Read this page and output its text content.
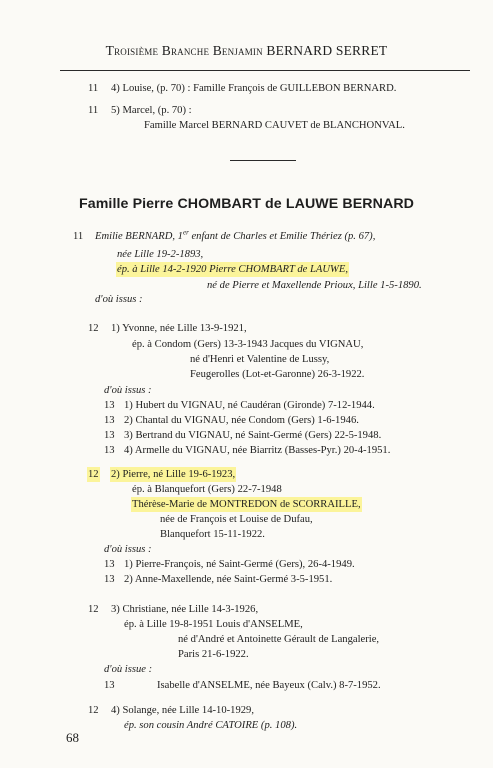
Troisième Branche Benjamin BERNARD SERRET
11 4) Louise, (p. 70) : Famille François de GUILLEBON BERNARD.
11 5) Marcel, (p. 70) :
Famille Marcel BERNARD CAUVET de BLANCHONVAL.
Famille Pierre CHOMBART de LAUWE BERNARD
11 Emilie BERNARD, 1er enfant de Charles et Emilie Thériez (p. 67),
née Lille 19-2-1893,
ép. à Lille 14-2-1920 Pierre CHOMBART de LAUWE,
né de Pierre et Maxellende Prioux, Lille 1-5-1890.
d'où issus :
12 1) Yvonne, née Lille 13-9-1921,
ép. à Condom (Gers) 13-3-1943 Jacques du VIGNAU,
né d'Henri et Valentine de Lussy,
Feugerolles (Lot-et-Garonne) 26-3-1922.
d'où issus :
13 1) Hubert du VIGNAU, né Caudéran (Gironde) 7-12-1944.
13 2) Chantal du VIGNAU, née Condom (Gers) 1-6-1946.
13 3) Bertrand du VIGNAU, né Saint-Germé (Gers) 22-5-1948.
13 4) Armelle du VIGNAU, née Biarritz (Basses-Pyr.) 20-4-1951.
12 2) Pierre, né Lille 19-6-1923,
ép. à Blanquefort (Gers) 22-7-1948
Thérèse-Marie de MONTREDON de SCORRAILLE,
née de François et Louise de Dufau,
Blanquefort 15-11-1922.
d'où issus :
13 1) Pierre-François, né Saint-Germé (Gers), 26-4-1949.
13 2) Anne-Maxellende, née Saint-Germé 3-5-1951.
12 3) Christiane, née Lille 14-3-1926,
ép. à Lille 19-8-1951 Louis d'ANSELME,
né d'André et Antoinette Gérault de Langalerie,
Paris 21-6-1922.
d'où issue :
13	Isabelle d'ANSELME, née Bayeux (Calv.) 8-7-1952.
12 4) Solange, née Lille 14-10-1929,
ép. son cousin André CATOIRE (p. 108).
68
